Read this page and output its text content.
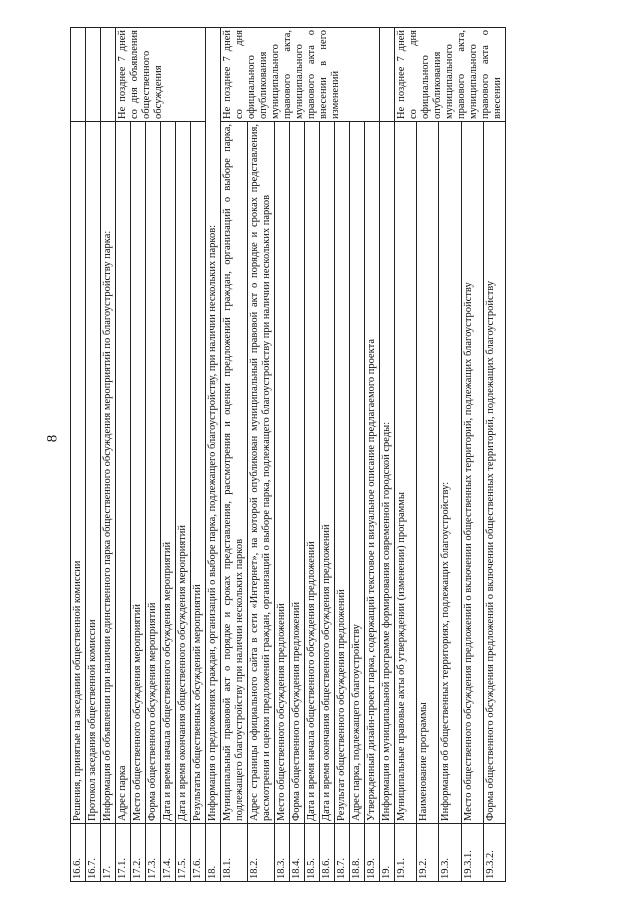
8
16.6.	Решения, принятые на заседании общественной комиссии	
16.7.	Протокол заседания общественной комиссии	
17.	Информация об объявлении при наличии единственного парка общественного обсуждения мероприятий по благоустройству парка:	
17.1.	Адрес парка	Не позднее 7 дней со дня объявления общественного обсуждения
17.2.	Место общественного обсуждения мероприятий	
17.3.	Форма общественного обсуждения мероприятий	
17.4.	Дата и время начала общественного обсуждения мероприятий	
17.5.	Дата и время окончания общественного обсуждения мероприятий	
17.6.	Результаты общественных обсуждений мероприятий	
18.	Информация о предложениях граждан, организаций о выборе парка, подлежащего благоустройству, при наличии нескольких парков:	
18.1.	Муниципальный правовой акт о порядке и сроках представления, рассмотрения и оценки предложений граждан, организаций о выборе парка, подлежащего благоустройству при наличии нескольких парков	Не позднее 7 дней со дня официального опубликования муниципального правового акта, муниципального правового акта о внесении в него изменений
18.2.	Адрес страницы официального сайта в сети «Интернет», на которой опубликован муниципальный правовой акт о порядке и сроках представления, рассмотрения и оценки предложений граждан, организаций о выборе парка, подлежащего благоустройству при наличии нескольких парков	
18.3.	Место общественного обсуждения предложений	
18.4.	Форма общественного обсуждения предложений	
18.5.	Дата и время начала общественного обсуждения предложений	
18.6.	Дата и время окончания общественного обсуждения предложений	
18.7.	Результат общественного обсуждения предложений	
18.8.	Адрес парка, подлежащего благоустройству	
18.9.	Утвержденный дизайн-проект парка, содержащий текстовое и визуальное описание предлагаемого проекта	
19.	Информация о муниципальной программе формирования современной городской среды:	
19.1.	Муниципальные правовые акты об утверждении (изменении) программы	Не позднее 7 дней со дня официального опубликования муниципального правового акта, муниципального правового акта о внесении
19.2.	Наименование программы	
19.3.	Информация об общественных территориях, подлежащих благоустройству:	
19.3.1.	Место общественного обсуждения предложений о включении общественных территорий, подлежащих благоустройству	
19.3.2.	Форма общественного обсуждения предложений о включении общественных территорий, подлежащих благоустройству	
